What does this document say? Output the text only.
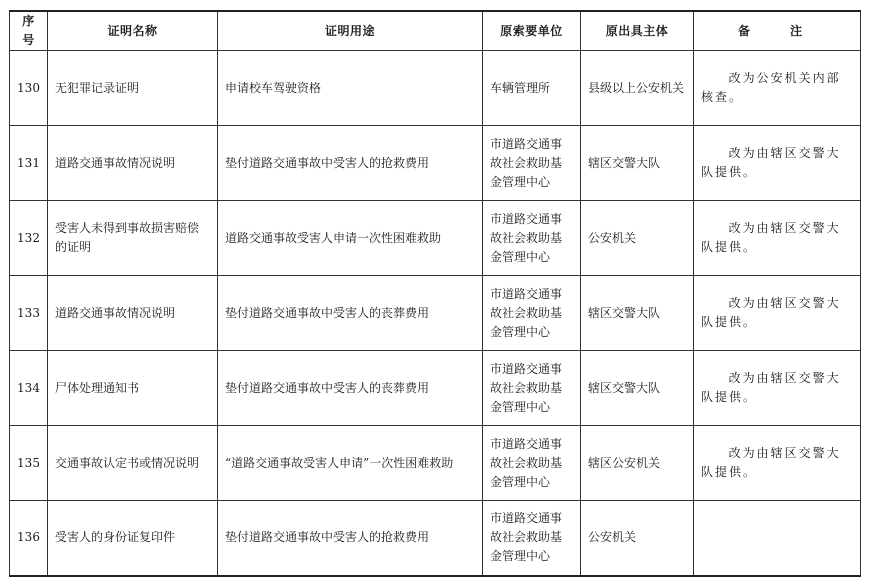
序号	证明名称	证明用途	原索要单位	原出具主体	备　注
130	无犯罪记录证明	申请校车驾驶资格	车辆管理所	县级以上公安机关	改为公安机关内部核查。
131	道路交通事故情况说明	垫付道路交通事故中受害人的抢救费用	市道路交通事故社会救助基金管理中心	辖区交警大队	改为由辖区交警大队提供。
132	受害人未得到事故损害赔偿的证明	道路交通事故受害人申请一次性困难救助	市道路交通事故社会救助基金管理中心	公安机关	改为由辖区交警大队提供。
133	道路交通事故情况说明	垫付道路交通事故中受害人的丧葬费用	市道路交通事故社会救助基金管理中心	辖区交警大队	改为由辖区交警大队提供。
134	尸体处理通知书	垫付道路交通事故中受害人的丧葬费用	市道路交通事故社会救助基金管理中心	辖区交警大队	改为由辖区交警大队提供。
135	交通事故认定书或情况说明	“道路交通事故受害人申请”一次性困难救助	市道路交通事故社会救助基金管理中心	辖区公安机关	改为由辖区交警大队提供。
136	受害人的身份证复印件	垫付道路交通事故中受害人的抢救费用	市道路交通事故社会救助基金管理中心	公安机关	
